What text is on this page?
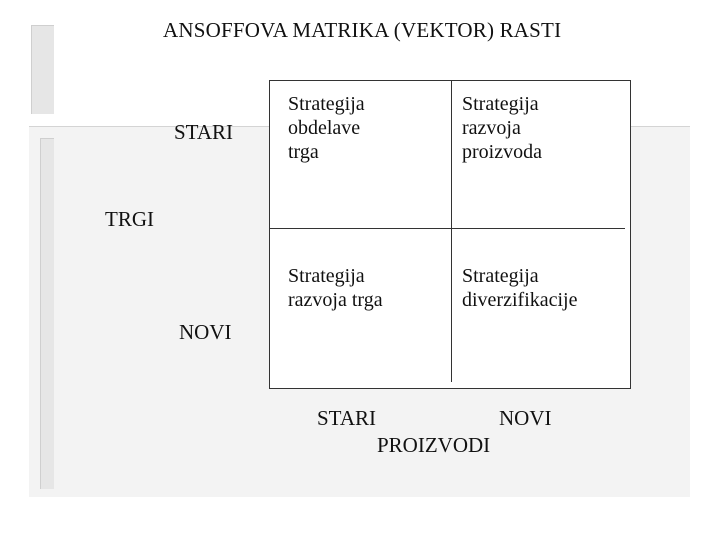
ANSOFFOVA MATRIKA (VEKTOR) RASTI
Strategija
obdelave
trga
Strategija
razvoja
proizvoda
Strategija
razvoja trga
Strategija
diverzifikacije
STARI
TRGI
NOVI
STARI	NOVI
PROIZVODI
